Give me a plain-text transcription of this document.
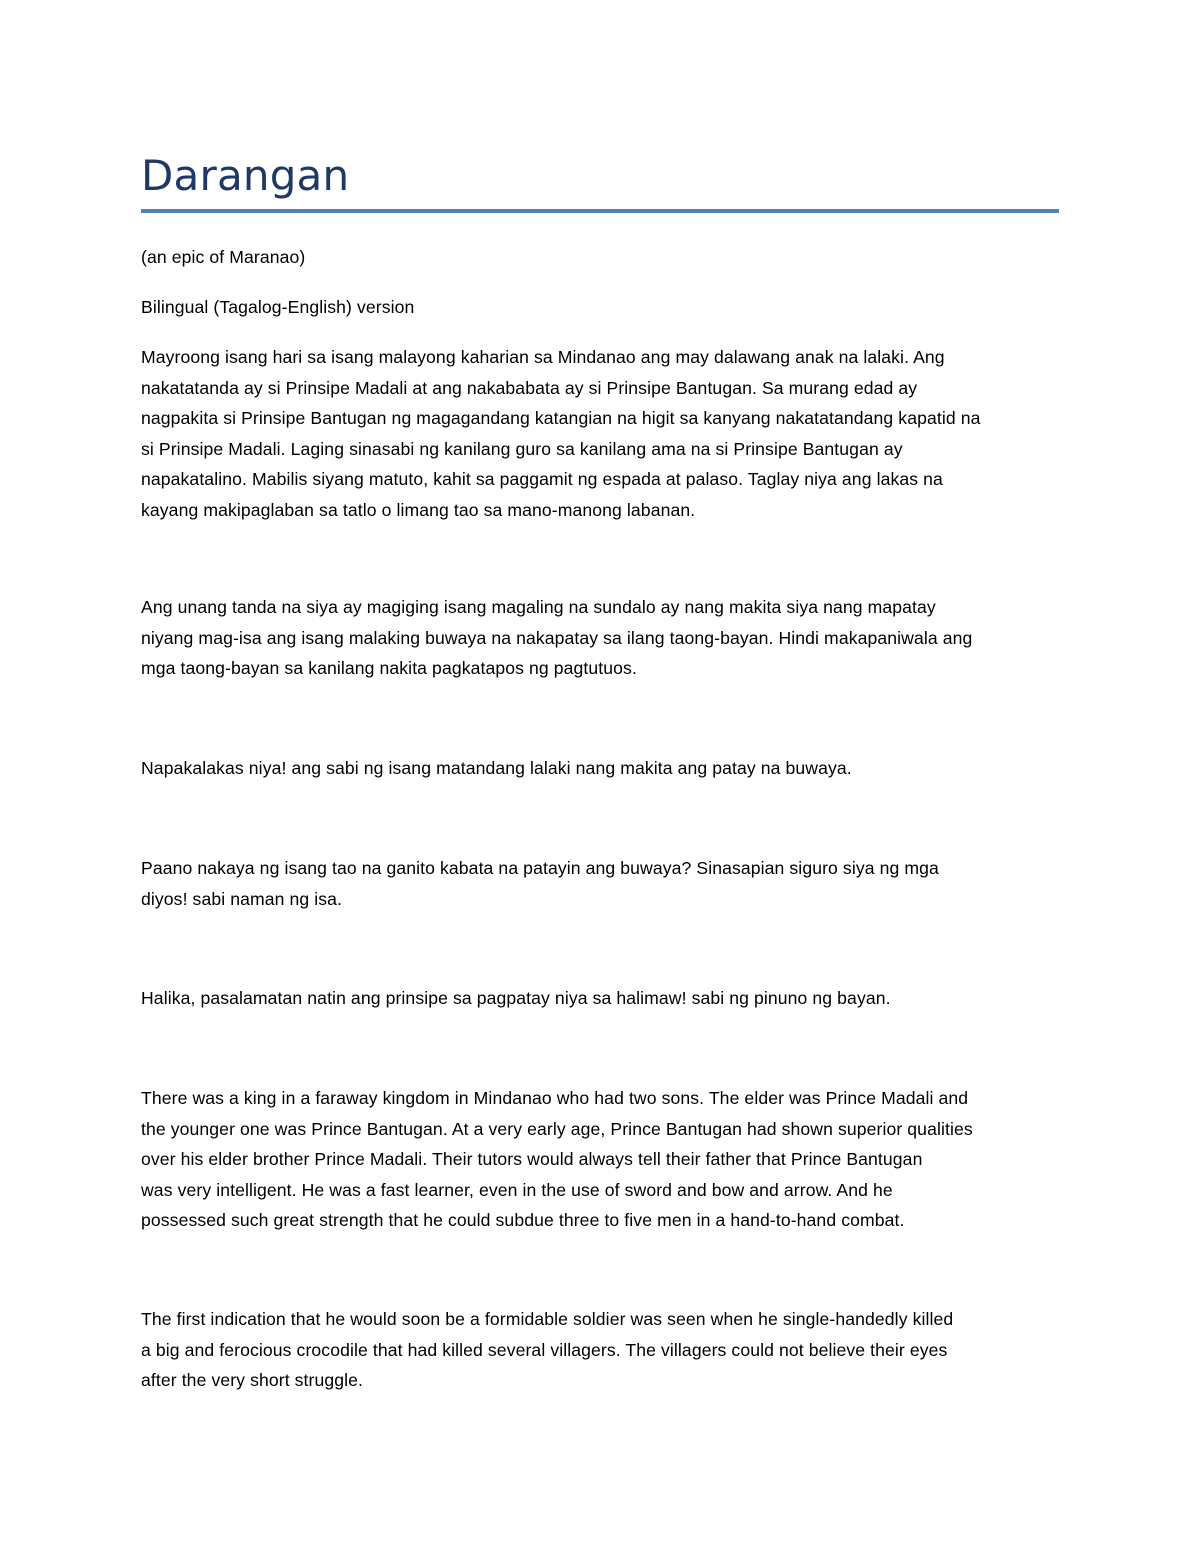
Darangan

(an epic of Maranao)

Bilingual (Tagalog-English) version

Mayroong isang hari sa isang malayong kaharian sa Mindanao ang may dalawang anak na lalaki. Ang
nakatatanda ay si Prinsipe Madali at ang nakababata ay si Prinsipe Bantugan. Sa murang edad ay
nagpakita si Prinsipe Bantugan ng magagandang katangian na higit sa kanyang nakatatandang kapatid na
si Prinsipe Madali. Laging sinasabi ng kanilang guro sa kanilang ama na si Prinsipe Bantugan ay
napakatalino. Mabilis siyang matuto, kahit sa paggamit ng espada at palaso. Taglay niya ang lakas na
kayang makipaglaban sa tatlo o limang tao sa mano-manong labanan.

Ang unang tanda na siya ay magiging isang magaling na sundalo ay nang makita siya nang mapatay
niyang mag-isa ang isang malaking buwaya na nakapatay sa ilang taong-bayan. Hindi makapaniwala ang
mga taong-bayan sa kanilang nakita pagkatapos ng pagtutuos.

Napakalakas niya! ang sabi ng isang matandang lalaki nang makita ang patay na buwaya.

Paano nakaya ng isang tao na ganito kabata na patayin ang buwaya? Sinasapian siguro siya ng mga
diyos! sabi naman ng isa.

Halika, pasalamatan natin ang prinsipe sa pagpatay niya sa halimaw! sabi ng pinuno ng bayan.

There was a king in a faraway kingdom in Mindanao who had two sons. The elder was Prince Madali and
the younger one was Prince Bantugan. At a very early age, Prince Bantugan had shown superior qualities
over his elder brother Prince Madali. Their tutors would always tell their father that Prince Bantugan
was very intelligent. He was a fast learner, even in the use of sword and bow and arrow. And he
possessed such great strength that he could subdue three to five men in a hand-to-hand combat.

The first indication that he would soon be a formidable soldier was seen when he single-handedly killed
a big and ferocious crocodile that had killed several villagers. The villagers could not believe their eyes
after the very short struggle.
